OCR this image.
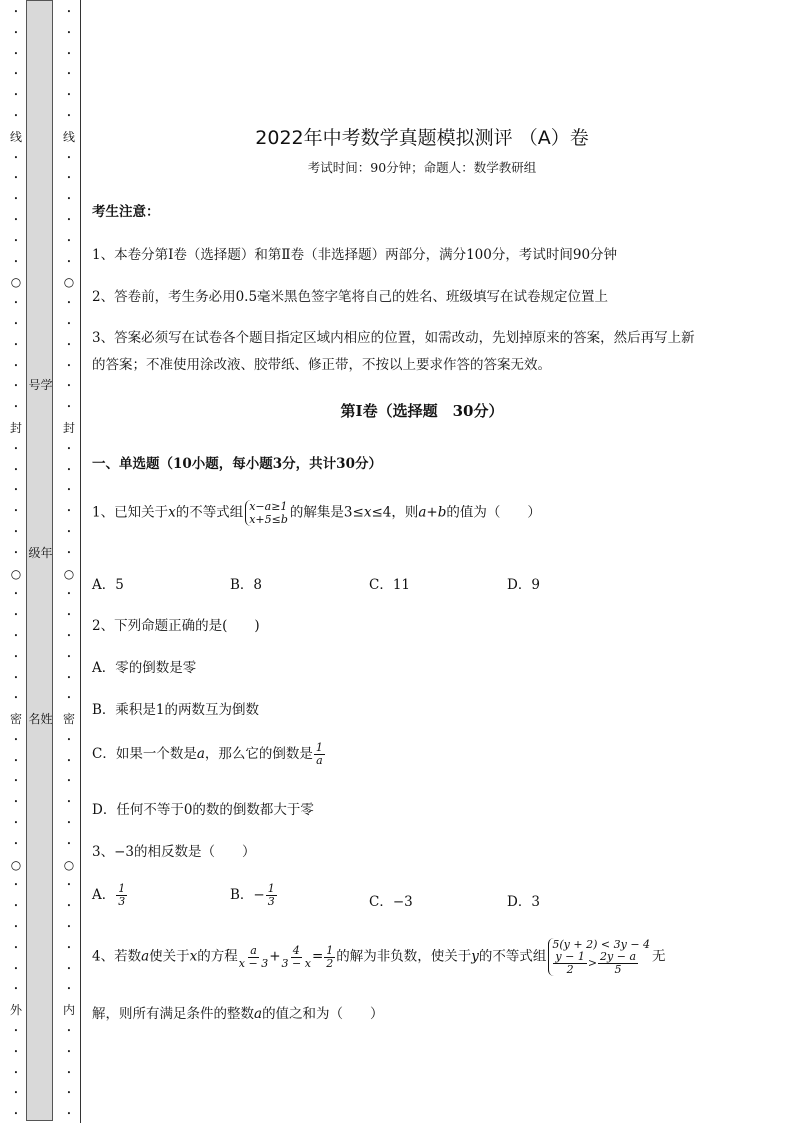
•
•
•
•
•
•
线
•
•
•
•
•
•
○
•
•
•
•
•
•
封
•
•
•
•
•
•
○
•
•
•
•
•
•
密
•
•
•
•
•
•
○
•
•
•
•
•
•
外
•
•
•
•
•
号学
级年
名姓
•
•
•
•
•
•
线
•
•
•
•
•
•
○
•
•
•
•
•
•
封
•
•
•
•
•
•
○
•
•
•
•
•
•
密
•
•
•
•
•
•
○
•
•
•
•
•
•
内
•
•
•
•
•
2022年中考数学真题模拟测评 （A）卷
考试时间：90分钟；命题人：数学教研组
考生注意：
1、本卷分第I卷（选择题）和第Ⅱ卷（非选择题）两部分，满分100分，考试时间90分钟
2、答卷前，考生务必用0.5毫米黑色签字笔将自己的姓名、班级填写在试卷规定位置上
3、答案必须写在试卷各个题目指定区域内相应的位置，如需改动，先划掉原来的答案，然后再写上新
的答案；不准使用涂改液、胶带纸、修正带，不按以上要求作答的答案无效。
第I卷（选择题　30分）
一、单选题（10小题，每小题3分，共计30分）
1、已知关于x的不等式组 x−a≥1
x+5≤b 的解集是3≤x≤4，则a+b的值为（　　）
A．5	B．8	C．11	D．9
2、下列命题正确的是(　　)
A．零的倒数是零
B．乘积是1的两数互为倒数
C．如果一个数是a，那么它的倒数是 $\frac{1}{a}$
D．任何不等于0的数的倒数都大于零
3、−3的相反数是（　　）
A． $\frac{1}{3}$	B．− $\frac{1}{3}$	C．−3	D．3
4、若数a使关于x的方程 $\frac{a}{x - 3} + \frac{4}{3 - x} = \frac{1}{2}$ 的解为非负数，使关于y的不等式组
5(y + 2) < 3y − 4
$\frac{y - 1}{2} > \frac{2y - a}{5}$ 无
解，则所有满足条件的整数a的值之和为（　　）
